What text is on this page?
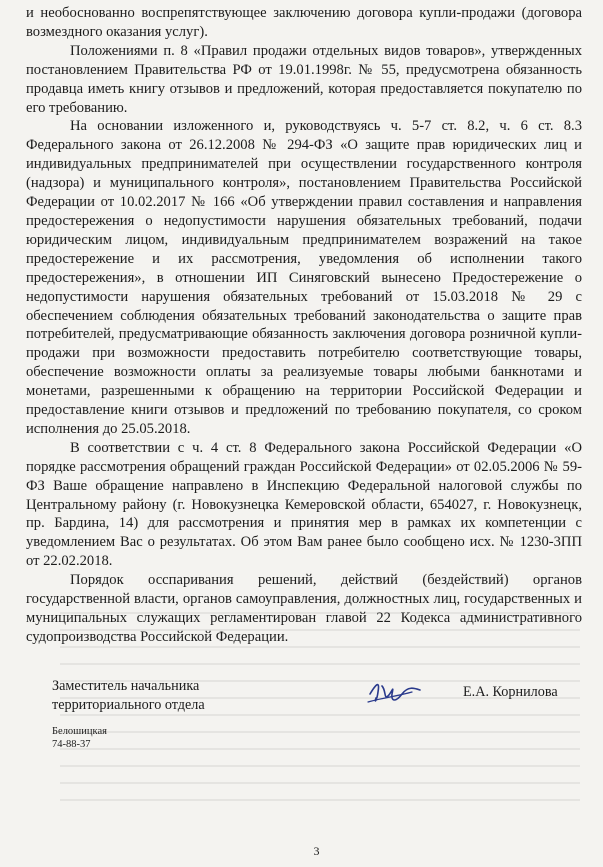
и необоснованно воспрепятствующее заключению договора купли-продажи (договора возмездного оказания услуг).

Положениями п. 8 «Правил продажи отдельных видов товаров», утвержденных постановлением Правительства РФ от 19.01.1998г. № 55, предусмотрена обязанность продавца иметь книгу отзывов и предложений, которая предоставляется покупателю по его требованию.

На основании изложенного и, руководствуясь ч. 5-7 ст. 8.2, ч. 6 ст. 8.3 Федерального закона от 26.12.2008 № 294-ФЗ «О защите прав юридических лиц и индивидуальных предпринимателей при осуществлении государственного контроля (надзора) и муниципального контроля», постановлением Правительства Российской Федерации от 10.02.2017 № 166 «Об утверждении правил составления и направления предостережения о недопустимости нарушения обязательных требований, подачи юридическим лицом, индивидуальным предпринимателем возражений на такое предостережение и их рассмотрения, уведомления об исполнении такого предостережения», в отношении ИП Синяговский вынесено Предостережение о недопустимости нарушения обязательных требований от 15.03.2018 № 29 с обеспечением соблюдения обязательных требований законодательства о защите прав потребителей, предусматривающие обязанность заключения договора розничной купли-продажи при возможности предоставить потребителю соответствующие товары, обеспечение возможности оплаты за реализуемые товары любыми банкнотами и монетами, разрешенными к обращению на территории Российской Федерации и предоставление книги отзывов и предложений по требованию покупателя, со сроком исполнения до 25.05.2018.

В соответствии с ч. 4 ст. 8 Федерального закона Российской Федерации «О порядке рассмотрения обращений граждан Российской Федерации» от 02.05.2006 № 59-ФЗ Ваше обращение направлено в Инспекцию Федеральной налоговой службы по Центральному району (г. Новокузнецка Кемеровской области, 654027, г. Новокузнецк, пр. Бардина, 14) для рассмотрения и принятия мер в рамках их компетенции с уведомлением Вас о результатах. Об этом Вам ранее было сообщено исх. № 1230-3ПП от 22.02.2018.

Порядок осспаривания решений, действий (бездействий) органов государственной власти, органов самоуправления, должностных лиц, государственных и муниципальных служащих регламентирован главой 22 Кодекса административного судопроизводства Российской Федерации.

Заместитель начальника
территориального отдела
Е.А. Корнилова
Белошицкая
74-88-37
3
